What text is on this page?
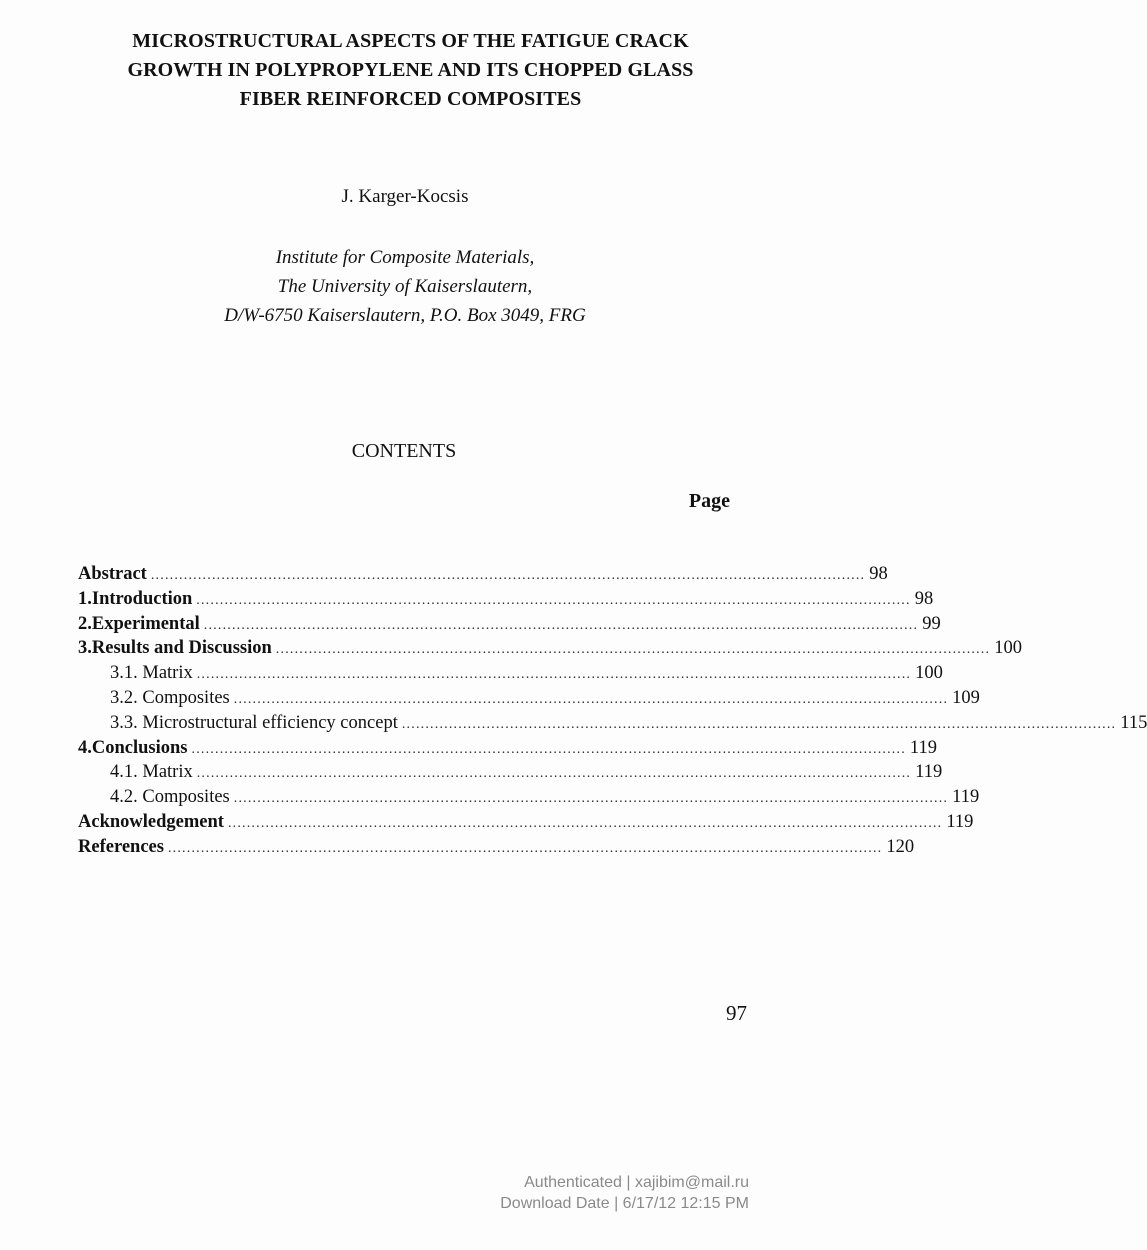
MICROSTRUCTURAL ASPECTS OF THE FATIGUE CRACK
GROWTH IN POLYPROPYLENE AND ITS CHOPPED GLASS
FIBER REINFORCED COMPOSITES
J. Karger-Kocsis
Institute for Composite Materials,
The University of Kaiserslautern,
D/W-6750 Kaiserslautern, P.O. Box 3049, FRG
CONTENTS
Page
Abstract ........................................................................................................................................................ 98
1. Introduction ........................................................................................................................................................ 98
2. Experimental ........................................................................................................................................................ 99
3. Results and Discussion ........................................................................................................................................................ 100
3.1. Matrix ........................................................................................................................................................ 100
3.2. Composites ........................................................................................................................................................ 109
3.3. Microstructural efficiency concept ........................................................................................................................................................ 115
4. Conclusions ........................................................................................................................................................ 119
4.1. Matrix ........................................................................................................................................................ 119
4.2. Composites ........................................................................................................................................................ 119
Acknowledgement ........................................................................................................................................................ 119
References ........................................................................................................................................................ 120
97
Authenticated | xajibim@mail.ru
Download Date | 6/17/12 12:15 PM
